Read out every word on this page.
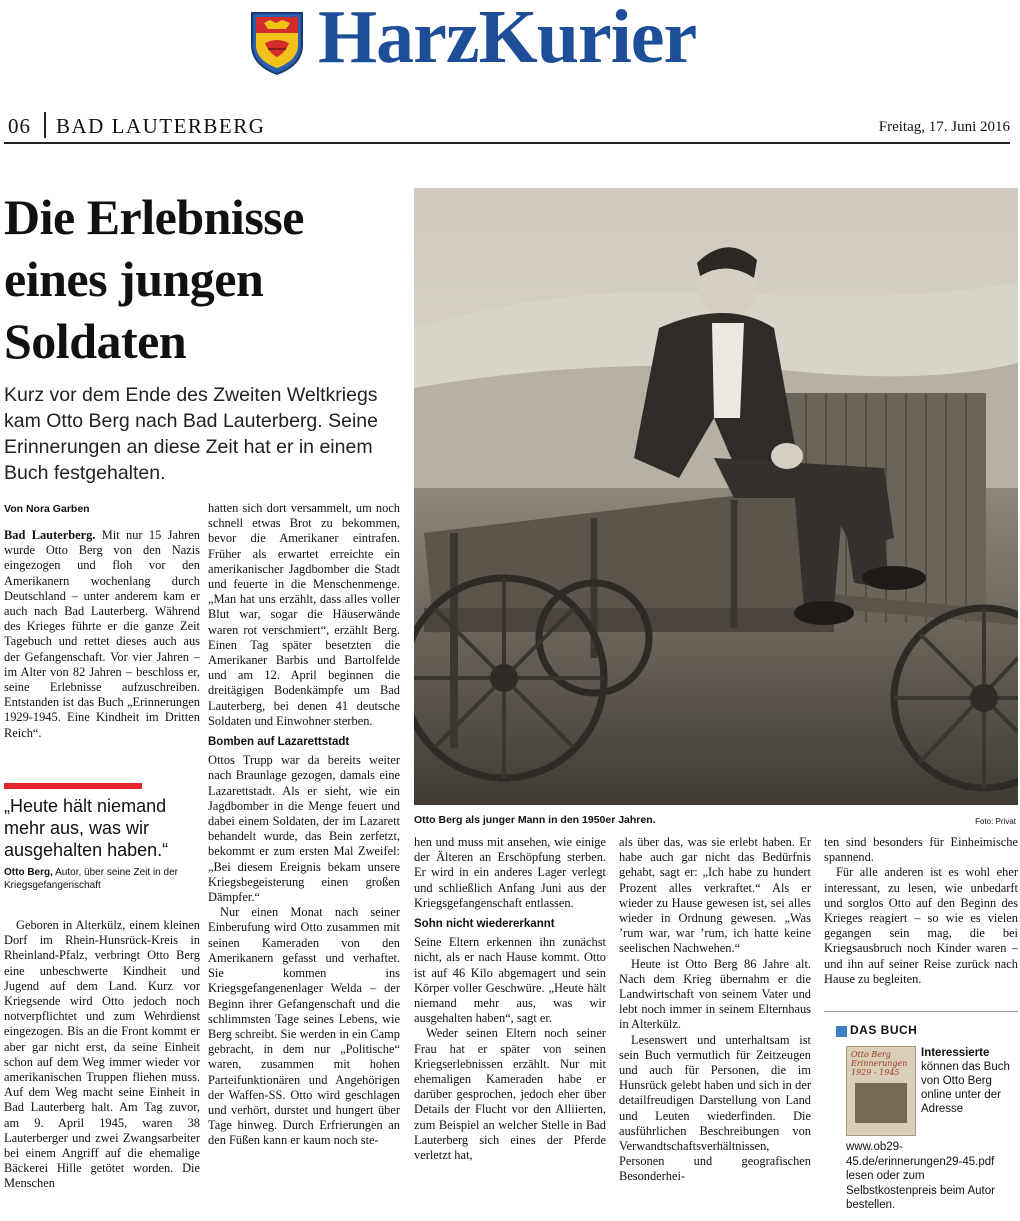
HarzKurier
06 BAD LAUTERBERG	Freitag, 17. Juni 2016
Die Erlebnisse
eines jungen
Soldaten

Kurz vor dem Ende des Zweiten Weltkriegs kam Otto Berg nach Bad Lauterberg. Seine Erinnerungen an diese Zeit hat er in einem Buch festgehalten.

Von Nora Garben
Bad Lauterberg. Mit nur 15 Jahren wurde Otto Berg von den Nazis eingezogen und floh vor den Amerikanern wochenlang durch Deutschland – unter anderem kam er auch nach Bad Lauterberg. Während des Krieges führte er die ganze Zeit Tagebuch und rettet dieses auch aus der Gefangenschaft. Vor vier Jahren – im Alter von 82 Jahren – beschloss er, seine Erlebnisse aufzuschreiben. Entstanden ist das Buch „Erinnerungen 1929-1945. Eine Kindheit im Dritten Reich“.
„Heute hält niemand mehr aus, was wir ausgehalten haben.“
Otto Berg, Autor, über seine Zeit in der Kriegsgefangenschaft
Geboren in Alterkülz, einem kleinen Dorf im Rhein-Hunsrück-Kreis in Rheinland-Pfalz, verbringt Otto Berg eine unbeschwerte Kindheit und Jugend auf dem Land. Kurz vor Kriegsende wird Otto jedoch noch notverpflichtet und zum Wehrdienst eingezogen. Bis an die Front kommt er aber gar nicht erst, da seine Einheit schon auf dem Weg immer wieder vor amerikanischen Truppen fliehen muss. Auf dem Weg macht seine Einheit in Bad Lauterberg halt. Am Tag zuvor, am 9. April 1945, waren 38 Lauterberger und zwei Zwangsarbeiter bei einem Angriff auf die ehemalige Bäckerei Hille getötet worden. Die Menschen
hatten sich dort versammelt, um noch schnell etwas Brot zu bekommen, bevor die Amerikaner eintrafen. Früher als erwartet erreichte ein amerikanischer Jagdbomber die Stadt und feuerte in die Menschenmenge. „Man hat uns erzählt, dass alles voller Blut war, sogar die Häuserwände waren rot verschmiert“, erzählt Berg. Einen Tag später besetzten die Amerikaner Barbis und Bartolfelde und am 12. April beginnen die dreitägigen Bodenkämpfe um Bad Lauterberg, bei denen 41 deutsche Soldaten und Einwohner sterben.
Bomben auf Lazarettstadt
Ottos Trupp war da bereits weiter nach Braunlage gezogen, damals eine Lazarettstadt. Als er sieht, wie ein Jagdbomber in die Menge feuert und dabei einem Soldaten, der im Lazarett behandelt wurde, das Bein zerfetzt, bekommt er zum ersten Mal Zweifel: „Bei diesem Ereignis bekam unsere Kriegsbegeisterung einen großen Dämpfer.“
Nur einen Monat nach seiner Einberufung wird Otto zusammen mit seinen Kameraden von den Amerikanern gefasst und verhaftet. Sie kommen ins Kriegsgefangenenlager Welda – der Beginn ihrer Gefangenschaft und die schlimmsten Tage seines Lebens, wie Berg schreibt. Sie werden in ein Camp gebracht, in dem nur „Politische“ waren, zusammen mit hohen Parteifunktionären und Angehörigen der Waffen-SS. Otto wird geschlagen und verhört, durstet und hungert über Tage hinweg. Durch Erfrierungen an den Füßen kann er kaum noch ste-
Otto Berg als junger Mann in den 1950er Jahren.	Foto: Privat
hen und muss mit ansehen, wie einige der Älteren an Erschöpfung sterben. Er wird in ein anderes Lager verlegt und schließlich Anfang Juni aus der Kriegsgefangenschaft entlassen.
Sohn nicht wiedererkannt
Seine Eltern erkennen ihn zunächst nicht, als er nach Hause kommt. Otto ist auf 46 Kilo abgemagert und sein Körper voller Geschwüre. „Heute hält niemand mehr aus, was wir ausgehalten haben“, sagt er.
Weder seinen Eltern noch seiner Frau hat er später von seinen Kriegserlebnissen erzählt. Nur mit ehemaligen Kameraden habe er darüber gesprochen, jedoch eher über Details der Flucht vor den Alliierten, zum Beispiel an welcher Stelle in Bad Lauterberg sich eines der Pferde verletzt hat,
als über das, was sie erlebt haben. Er habe auch gar nicht das Bedürfnis gehabt, sagt er: „Ich habe zu hundert Prozent alles verkraftet.“ Als er wieder zu Hause gewesen ist, sei alles wieder in Ordnung gewesen. „Was ’rum war, war ’rum, ich hatte keine seelischen Nachwehen.“
Heute ist Otto Berg 86 Jahre alt. Nach dem Krieg übernahm er die Landwirtschaft von seinem Vater und lebt noch immer in seinem Elternhaus in Alterkülz.
Lesenswert und unterhaltsam ist sein Buch vermutlich für Zeitzeugen und auch für Personen, die im Hunsrück gelebt haben und sich in der detailfreudigen Darstellung von Land und Leuten wiederfinden. Die ausführlichen Beschreibungen von Verwandtschaftsverhältnissen, Personen und geografischen Besonderhei-
ten sind besonders für Einheimische spannend.
Für alle anderen ist es wohl eher interessant, zu lesen, wie unbedarft und sorglos Otto auf den Beginn des Krieges reagiert – so wie es vielen gegangen sein mag, die bei Kriegsausbruch noch Kinder waren – und ihn auf seiner Reise zurück nach Hause zu begleiten.
DAS BUCH
Otto Berg Erinnerungen 1929 - 1945
Interessierte
können das Buch von Otto Berg online unter der Adresse
www.ob29-45.de/erinnerungen29-45.pdf lesen oder zum Selbstkostenpreis beim Autor bestellen.
